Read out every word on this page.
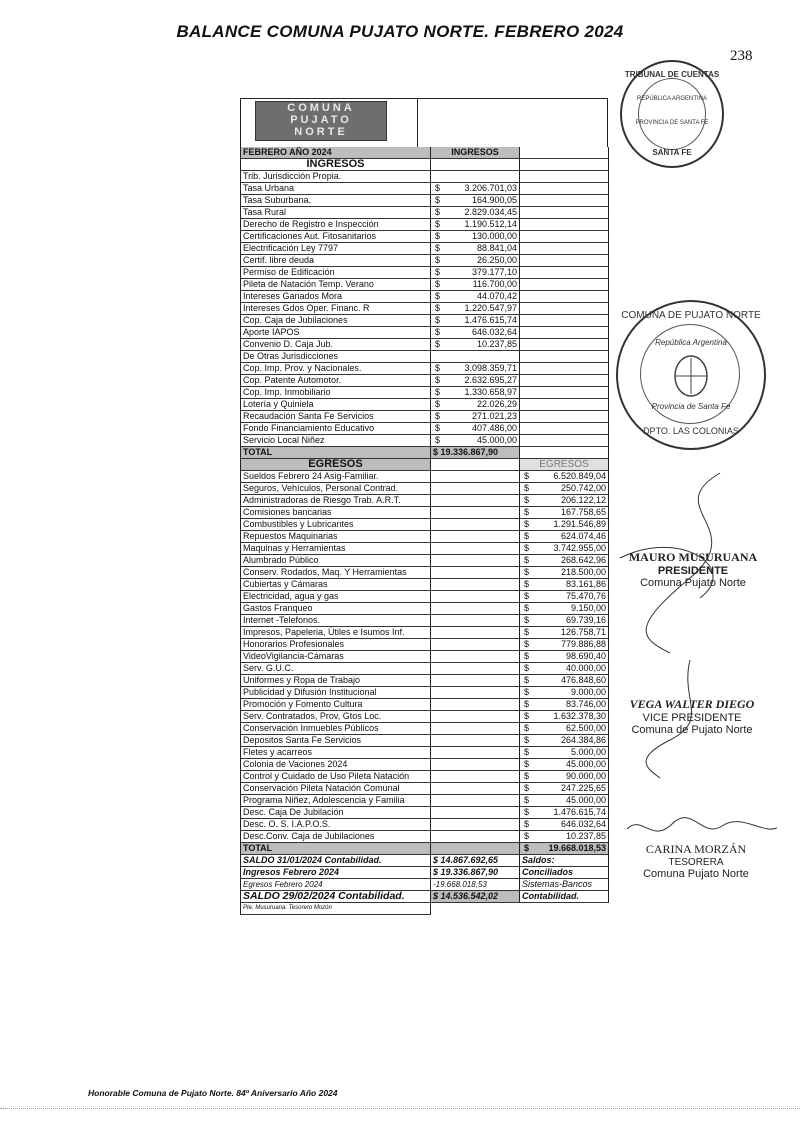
BALANCE COMUNA PUJATO NORTE. FEBRERO 2024
238
TRIBUNAL DE CUENTAS
REPÚBLICA ARGENTINA
PROVINCIA DE SANTA FE
SANTA FE
COMUNA DE PUJATO NORTE
República Argentina
Provincia de Santa Fe
DPTO. LAS COLONIAS
MAURO MUSURUANA
PRESIDENTE
Comuna Pujato Norte
VEGA WALTER DIEGO
VICE PRESIDENTE
Comuna de Pujato Norte
CARINA MORZÁN
TESORERA
Comuna Pujato Norte
COMUNA
PUJATO
NORTE
FEBRERO AÑO 2024	INGRESOS	
INGRESOS		
Trib. Jurisdicción Propia.		
Tasa Urbana	$ 3.206.701,03	
Tasa Suburbana.	$ 164.900,05	
Tasa Rural	$ 2.829.034,45	
Derecho de Registro e Inspección	$ 1.190.512,14	
Certificaciones Aut. Fitosanitarios	$ 130.000,00	
Electrificación Ley 7797	$ 88.841,04	
Certif. libre deuda	$ 26.250,00	
Permiso de Edificación	$ 379.177,10	
Pileta de Natación Temp. Verano	$ 116.700,00	
Intereses Ganados Mora	$ 44.070,42	
Intereses Gdos Oper. Financ. R	$ 1.220.547,97	
Cop. Caja de Jubilaciones	$ 1.476.615,74	
Aporte IAPOS	$ 646.032,64	
Convenio D. Caja Jub.	$ 10.237,85	
De Otras Jurisdicciones		
Cop. Imp. Prov. y Nacionales.	$ 3.098.359,71	
Cop. Patente Automotor.	$ 2.632.695,27	
Cop. Imp. Inmobiliario	$ 1.330.658,97	
Lotería y Quiniela	$ 22.026,29	
Recaudación Santa Fe Servicios	$ 271.021,23	
Fondo Financiamiento Educativo	$ 407.486,00	
Servicio Local Niñez	$ 45.000,00	
TOTAL	$ 19.336.867,90	
EGRESOS		EGRESOS
Sueldos Febrero 24 Asig-Familiar.		$ 6.520.849,04
Seguros, Vehículos, Personal Contrad.		$ 250.742,00
Administradoras de Riesgo Trab. A.R.T.		$ 206.122,12
Comisiones bancarias		$ 167.758,65
Combustibles y Lubricantes		$ 1.291.546,89
Repuestos Maquinarias		$ 624.074,46
Maquinas y Herramientas		$ 3.742.955,00
Alumbrado Público		$ 268.642,96
Conserv. Rodados, Maq. Y Herramientas		$ 218.500,00
Cubiertas y Cámaras		$ 83.161,86
Electricidad, agua y gas		$ 75.470,76
Gastos Franqueo		$ 9.150,00
Internet -Telefonos.		$ 69.739,16
Impresos, Papeleria, Útiles e Isumos Inf.		$ 126.758,71
Honorarios Profesionales		$ 779.886,88
VideoVigilancia-Cámaras		$ 98.690,40
Serv. G.U.C.		$ 40.000,00
Uniformes y Ropa de Trabajo		$ 476.848,60
Publicidad y Difusión Institucional		$ 9.000,00
Promoción y Fomento Cultura		$ 83.746,00
Serv. Contratados, Prov, Gtos Loc.		$ 1.632.378,30
Conservación Inmuebles Públicos		$ 62.500,00
Depositos Santa Fe Servicios		$ 264.384,86
Fletes y acarreos		$ 5.000,00
Colonia de Vaciones 2024		$ 45.000,00
Control y Cuidado de Uso Pileta Natación		$ 90.000,00
Conservación Pileta Natación Comunal		$ 247.225,65
Programa Niñez, Adolescencia y Familia		$ 45.000,00
Desc. Caja De Jubilación		$ 1.476.615,74
Desc. O. S. I.A.P.O.S.		$ 646.032,64
Desc.Conv. Caja de Jubilaciones		$ 10.237,85
TOTAL		$ 19.668.018,53
SALDO 31/01/2024 Contabilidad.	$ 14.867.692,65	Saldos:
Ingresos Febrero 2024	$ 19.336.867,90	Conciliados
Egresos Febrero 2024	-19.668.018,53	Sistemas-Bancos
SALDO 29/02/2024 Contabilidad.	$ 14.536.542,02	Contabilidad.
Pte. Musuruana. Tesorero Mozón		
Honorable Comuna de Pujato Norte. 84º Aniversario Año 2024
